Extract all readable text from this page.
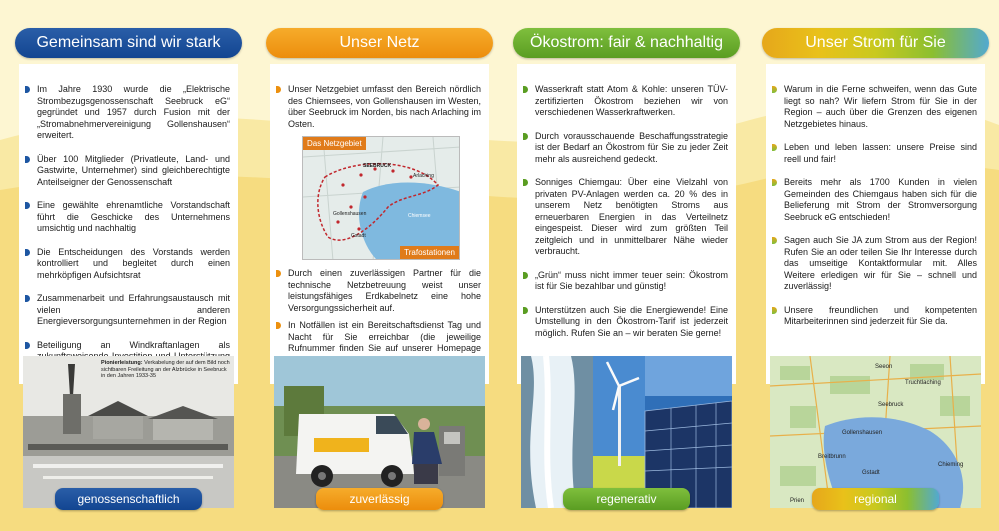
Gemeinsam sind wir stark
Im Jahre 1930 wurde die „Elektrische Strombezugsgenossenschaft Seebruck eG“ gegründet und 1957 durch Fusion mit der „Stromabnehmervereinigung Gollenshausen“ erweitert.
Über 100 Mitglieder (Privatleute, Land- und Gastwirte, Unternehmer) sind gleichberechtigte Anteilseigner der Genossenschaft
Eine gewählte ehrenamtliche Vorstandschaft führt die Geschicke des Unternehmens umsichtig und nachhaltig
Die Entscheidungen des Vorstands werden kontrolliert und begleitet durch einen mehrköpfigen Aufsichtsrat
Zusammenarbeit und Erfahrungsaustausch mit vielen anderen Energieversorgungsunternehmen in der Region
Beteiligung an Windkraftanlagen als
Pionierleistung: Verkabelung der auf dem Bild noch sichtbaren Freileitung an der Alzbrücke in Seebruck in den Jahren 1933-35
genossenschaftlich
Unser Netz
Unser Netzgebiet umfasst den Bereich nördlich des Chiemsees, von Gollenshausen im Westen, über Seebruck im Norden, bis nach Arlaching im Osten.
SEEBRUCK
Gollenshausen	Chiemsee
Arlaching
Gstadt
Das Netzgebiet
Trafostationen
Durch einen zuverlässigen Partner für die technische Netzbetreuung weist unser leistungsfähiges Erdkabelnetz eine hohe Versorgungssicherheit auf.
In Notfällen ist ein Bereitschaftsdienst Tag und Nacht für Sie erreichbar (die jeweilige Rufnummer finden Sie auf unserer Homepage
zuverlässig
Ökostrom: fair & nachhaltig
Wasserkraft statt Atom & Kohle: unseren TÜV-zertifizierten Ökostrom beziehen wir von verschiedenen Wasserkraftwerken.
Durch vorausschauende Beschaffungsstrategie ist der Bedarf an Ökostrom für Sie zu jeder Zeit mehr als ausreichend gedeckt.
Sonniges Chiemgau: Über eine Vielzahl von privaten PV-Anlagen werden ca. 20 % des in unserem Netz benötigten Stroms aus erneuerbaren Energien in das Verteilnetz eingespeist. Dieser wird zum größten Teil zeitgleich und in unmittelbarer Nähe wieder verbraucht.
„Grün“ muss nicht immer teuer sein: Ökostrom ist für Sie bezahlbar und günstig!
Unterstützen auch Sie die Energiewende! Eine Umstellung in den Ökostrom-Tarif ist jederzeit möglich. Rufen Sie an – wir beraten Sie gerne!
regenerativ
Unser Strom für Sie
Warum in die Ferne schweifen, wenn das Gute liegt so nah? Wir liefern Strom für Sie in der Region – auch über die Grenzen des eigenen Netzgebietes hinaus.
Leben und leben lassen: unsere Preise sind reell und fair!
Bereits mehr als 1700 Kunden in vielen Gemeinden des Chiemgaus haben sich für die Belieferung mit Strom der Stromversorgung Seebruck eG entschieden!
Sagen auch Sie JA zum Strom aus der Region! Rufen Sie an oder teilen Sie Ihr Interesse durch das umseitige Kontaktformular mit. Alles Weitere erledigen wir für Sie – schnell und zuverlässig!
Unsere freundlichen und kompetenten Mitarbeiterinnen sind jederzeit für Sie da.
Seeon
Truchtlaching
Seebruck
Gollenshausen
Breitbrunn
Gstadt
Chieming
Prien	regional
